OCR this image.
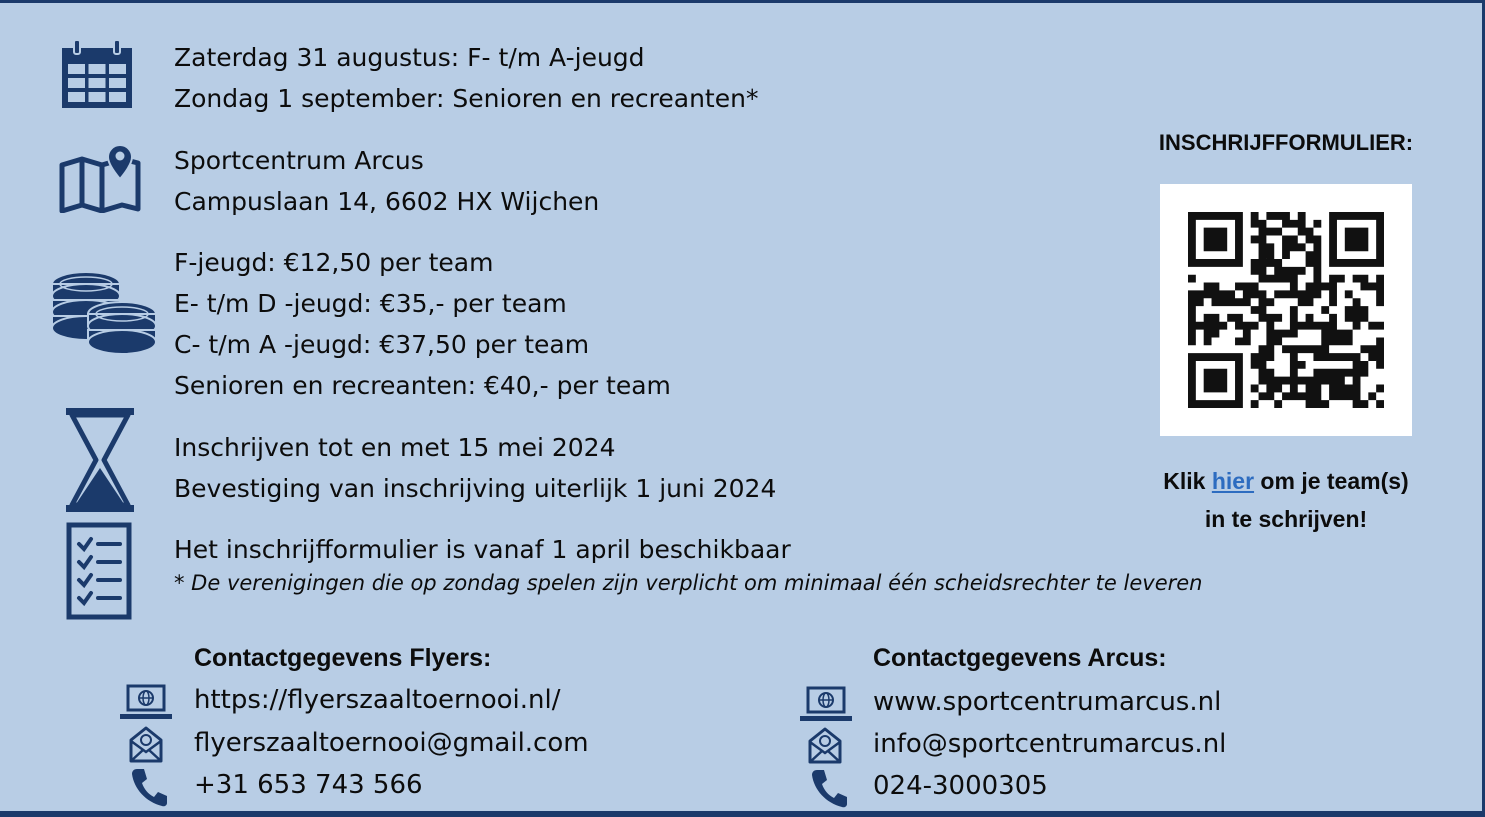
Zaterdag 31 augustus: F- t/m A-jeugd
Zondag 1 september: Senioren en recreanten*
Sportcentrum Arcus
Campuslaan 14, 6602 HX Wijchen
F-jeugd: €12,50 per team
E- t/m D -jeugd: €35,- per team
C- t/m A -jeugd: €37,50 per team
Senioren en recreanten: €40,- per team
Inschrijven tot en met 15 mei 2024
Bevestiging van inschrijving uiterlijk 1 juni 2024
Het inschrijfformulier is vanaf 1 april beschikbaar
* De verenigingen die op zondag spelen zijn verplicht om minimaal één scheidsrechter te leveren
INSCHRIJFFORMULIER:
Klik hier om je team(s)
in te schrijven!
Contactgegevens Flyers:
https://flyerszaaltoernooi.nl/
flyerszaaltoernooi@gmail.com
+31 653 743 566
Contactgegevens Arcus:
www.sportcentrumarcus.nl
info@sportcentrumarcus.nl
024-3000305
